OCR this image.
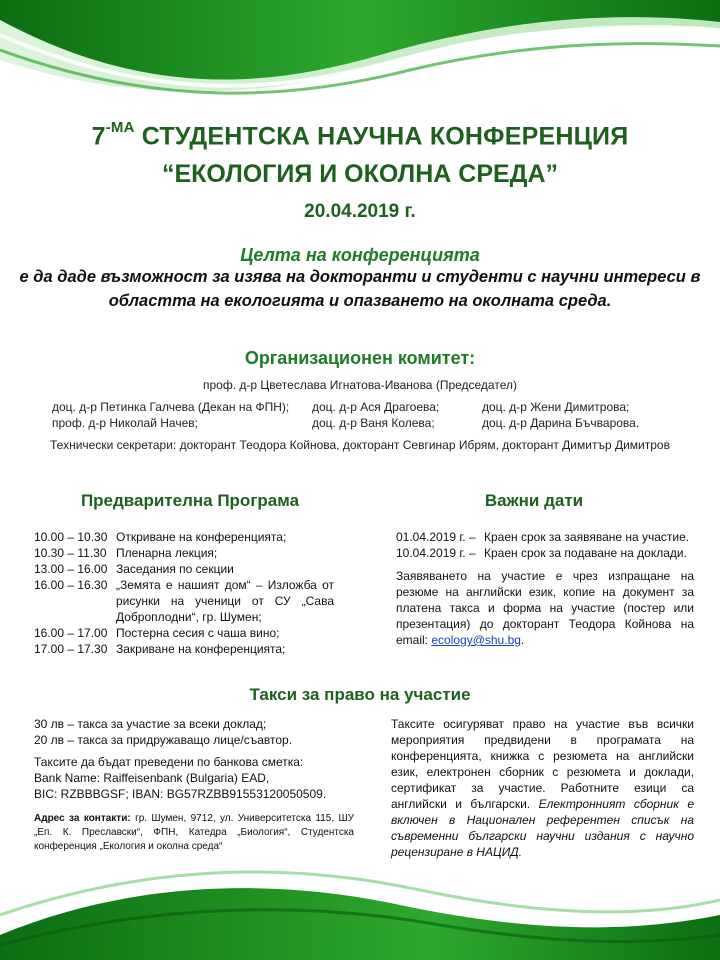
$7^{-МА}$ СТУДЕНТСКА НАУЧНА КОНФЕРЕНЦИЯ
“ЕКОЛОГИЯ И ОКОЛНА СРЕДА”
20.04.2019 г.
Целта на конференцията
е да даде възможност за изява на докторанти и студенти с научни интереси в областта на екологията и опазването на околната среда.
Организационен комитет:
проф. д-р Цветеслава Игнатова-Иванова (Председател)
доц. д-р Петинка Галчева (Декан на ФПН);	доц. д-р Ася Драгоева;	доц. д-р Жени Димитрова;
проф. д-р Николай Начев;	доц. д-р Ваня Колева;	доц. д-р Дарина Бъчварова.
Технически секретари: докторант Теодора Койнова, докторант Севгинар Ибрям, докторант Димитър Димитров
Предварителна Програма
10.00 – 10.30 Откриване на конференцията;
10.30 – 11.30 Пленарна лекция;
13.00 – 16.00 Заседания по секции
16.00 – 16.30 „Земята е нашият дом“ – Изложба от рисунки на ученици от СУ „Сава Доброплодни“, гр. Шумен;
16.00 – 17.00 Постерна сесия с чаша вино;
17.00 – 17.30 Закриване на конференцията;
Важни дати
01.04.2019 г. – Краен срок за заявяване на участие.
10.04.2019 г. – Краен срок за подаване на доклади.
Заявяването на участие е чрез изпращане на резюме на английски език, копие на документ за платена такса и форма на участие (постер или презентация) до докторант Теодора Койнова на email: ecology@shu.bg.
Такси за право на участие
30 лв – такса за участие за всеки доклад;
20 лв – такса за придружаващо лице/съавтор.
Таксите да бъдат преведени по банкова сметка:
Bank Name: Raiffeisenbank (Bulgaria) EAD,
BIC: RZBBBGSF; IBAN: BG57RZBB91553120050509.
Адрес за контакти: гр. Шумен, 9712, ул. Университетска 115, ШУ „Еп. К. Преславски“, ФПН, Катедра „Биология“, Студентска конференция „Екология и околна среда“
Таксите осигуряват право на участие във всички мероприятия предвидени в програмата на конференцията, книжка с резюмета на английски език, електронен сборник с резюмета и доклади, сертификат за участие. Работните езици са английски и български. Електронният сборник е включен в Национален референтен списък на съвременни български научни издания с научно рецензиране в НАЦИД.
